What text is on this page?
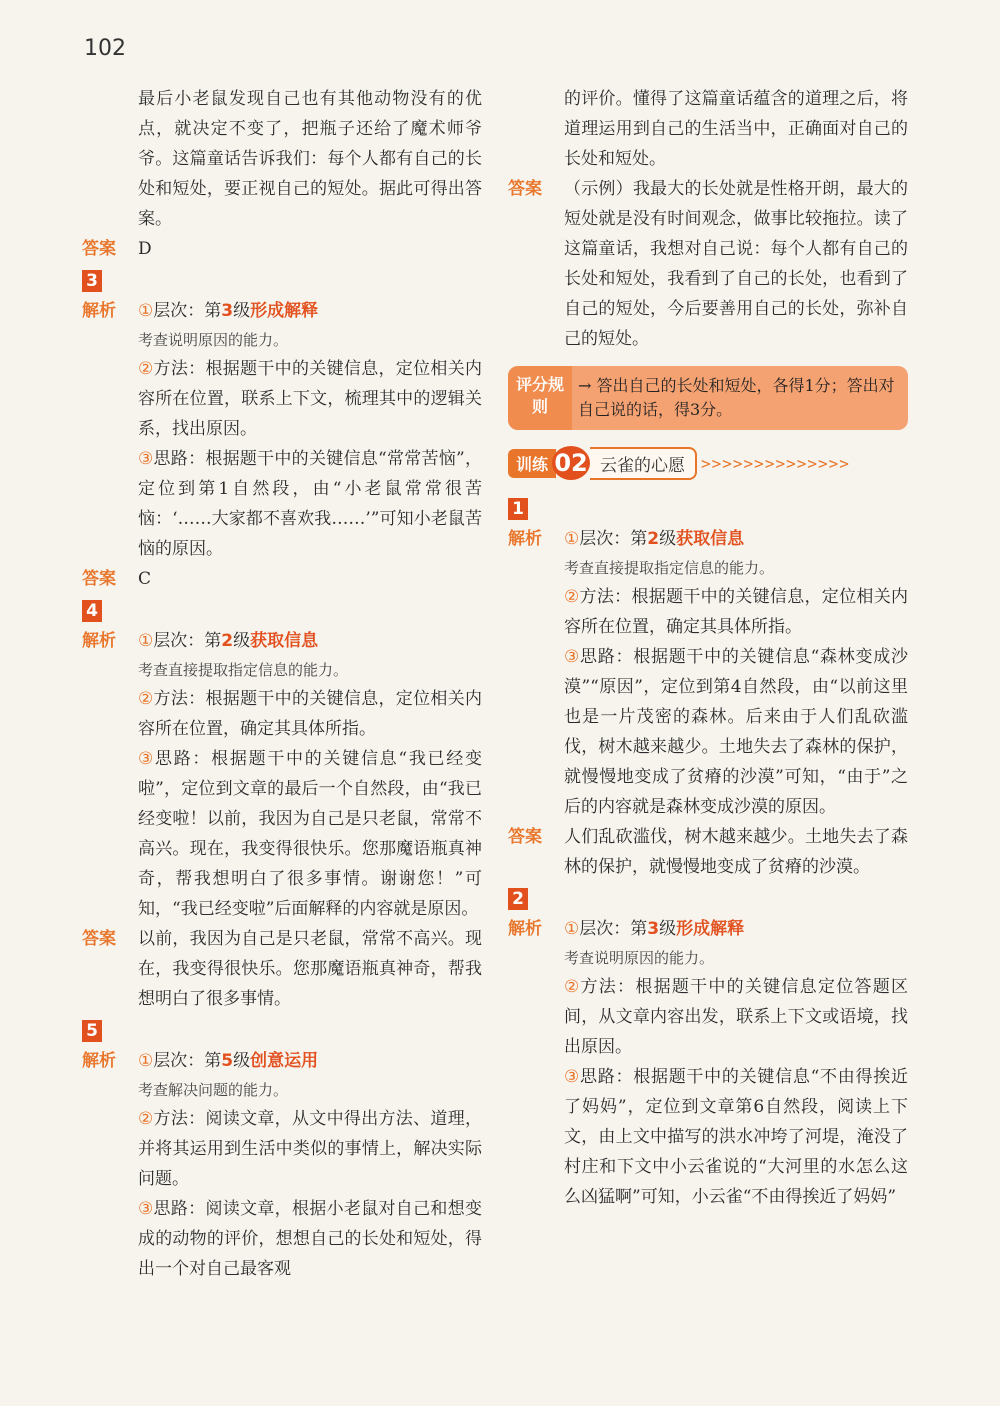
102
最后小老鼠发现自己也有其他动物没有的优点，就决定不变了，把瓶子还给了魔术师爷爷。这篇童话告诉我们：每个人都有自己的长处和短处，要正视自己的短处。据此可得出答案。
答案	D
3
解析	①层次：第3级形成解释
考查说明原因的能力。
②方法：根据题干中的关键信息，定位相关内容所在位置，联系上下文，梳理其中的逻辑关系，找出原因。
③思路：根据题干中的关键信息“常常苦恼”，定位到第1自然段，由“小老鼠常常很苦恼：‘……大家都不喜欢我……’”可知小老鼠苦恼的原因。
答案	C
4
解析	①层次：第2级获取信息
考查直接提取指定信息的能力。
②方法：根据题干中的关键信息，定位相关内容所在位置，确定其具体所指。
③思路：根据题干中的关键信息“我已经变啦”，定位到文章的最后一个自然段，由“我已经变啦！以前，我因为自己是只老鼠，常常不高兴。现在，我变得很快乐。您那魔语瓶真神奇，帮我想明白了很多事情。谢谢您！”可知，“我已经变啦”后面解释的内容就是原因。
答案	以前，我因为自己是只老鼠，常常不高兴。现在，我变得很快乐。您那魔语瓶真神奇，帮我想明白了很多事情。
5
解析	①层次：第5级创意运用
考查解决问题的能力。
②方法：阅读文章，从文中得出方法、道理，并将其运用到生活中类似的事情上，解决实际问题。
③思路：阅读文章，根据小老鼠对自己和想变成的动物的评价，想想自己的长处和短处，得出一个对自己最客观
的评价。懂得了这篇童话蕴含的道理之后，将道理运用到自己的生活当中，正确面对自己的长处和短处。
答案	（示例）我最大的长处就是性格开朗，最大的短处就是没有时间观念，做事比较拖拉。读了这篇童话，我想对自己说：每个人都有自己的长处和短处，我看到了自己的长处，也看到了自己的短处，今后要善用自己的长处，弥补自己的短处。
评分规则
→ 答出自己的长处和短处，各得1分；答出对自己说的话，得3分。
训练 02 云雀的心愿	>>>>>>>>>>>>>>
1
解析	①层次：第2级获取信息
考查直接提取指定信息的能力。
②方法：根据题干中的关键信息，定位相关内容所在位置，确定其具体所指。
③思路：根据题干中的关键信息“森林变成沙漠”“原因”，定位到第4自然段，由“以前这里也是一片茂密的森林。后来由于人们乱砍滥伐，树木越来越少。土地失去了森林的保护，就慢慢地变成了贫瘠的沙漠”可知，“由于”之后的内容就是森林变成沙漠的原因。
答案	人们乱砍滥伐，树木越来越少。土地失去了森林的保护，就慢慢地变成了贫瘠的沙漠。
2
解析	①层次：第3级形成解释
考查说明原因的能力。
②方法：根据题干中的关键信息定位答题区间，从文章内容出发，联系上下文或语境，找出原因。
③思路：根据题干中的关键信息“不由得挨近了妈妈”，定位到文章第6自然段，阅读上下文，由上文中描写的洪水冲垮了河堤，淹没了村庄和下文中小云雀说的“大河里的水怎么这么凶猛啊”可知，小云雀“不由得挨近了妈妈”
